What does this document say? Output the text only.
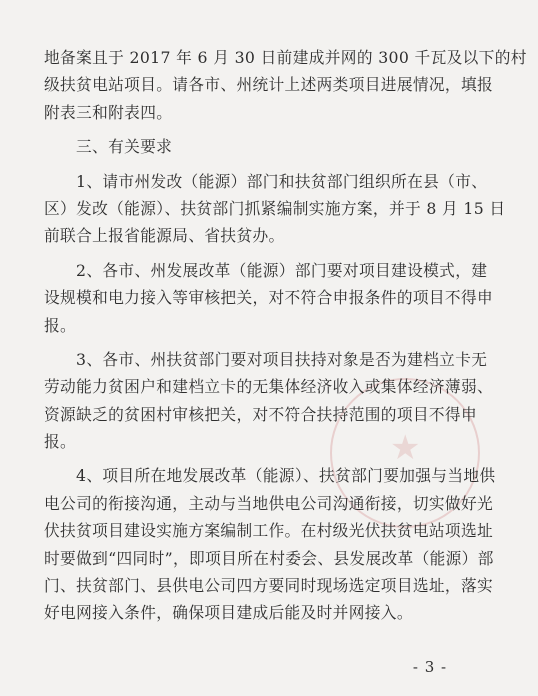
★
地备案且于 2017 年 6 月 30 日前建成并网的 300 千瓦及以下的村
级扶贫电站项目。请各市、州统计上述两类项目进展情况，填报
附表三和附表四。
三、有关要求
1、请市州发改（能源）部门和扶贫部门组织所在县（市、
区）发改（能源）、扶贫部门抓紧编制实施方案，并于 8 月 15 日
前联合上报省能源局、省扶贫办。
2、各市、州发展改革（能源）部门要对项目建设模式，建
设规模和电力接入等审核把关，对不符合申报条件的项目不得申
报。
3、各市、州扶贫部门要对项目扶持对象是否为建档立卡无
劳动能力贫困户和建档立卡的无集体经济收入或集体经济薄弱、
资源缺乏的贫困村审核把关，对不符合扶持范围的项目不得申
报。
4、项目所在地发展改革（能源）、扶贫部门要加强与当地供
电公司的衔接沟通，主动与当地供电公司沟通衔接，切实做好光
伏扶贫项目建设实施方案编制工作。在村级光伏扶贫电站项选址
时要做到“四同时”，即项目所在村委会、县发展改革（能源）部
门、扶贫部门、县供电公司四方要同时现场选定项目选址，落实
好电网接入条件，确保项目建成后能及时并网接入。
- 3 -
